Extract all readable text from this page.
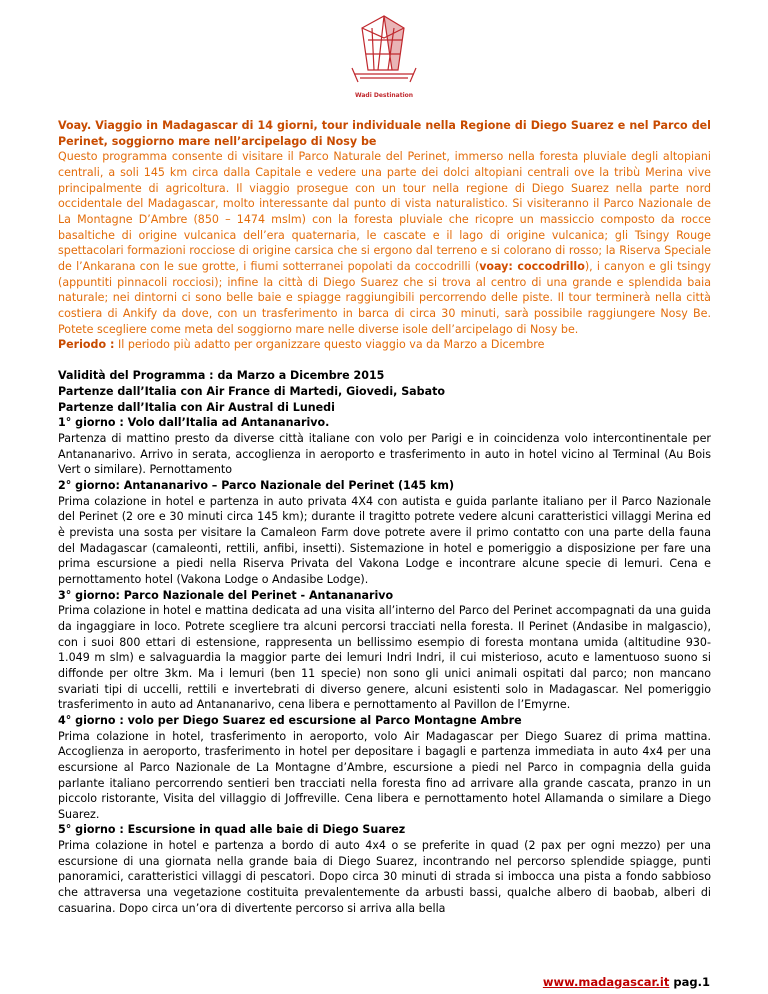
Wadi Destination

Voay. Viaggio in Madagascar di 14 giorni, tour individuale nella Regione di Diego Suarez e nel Parco del Perinet, soggiorno mare nell’arcipelago di Nosy be

Questo programma consente di visitare il Parco Naturale del Perinet, immerso nella foresta pluviale degli altopiani centrali, a soli 145 km circa dalla Capitale e vedere una parte dei dolci altopiani centrali ove la tribù Merina vive principalmente di agricoltura. Il viaggio prosegue con un tour nella regione di Diego Suarez nella parte nord occidentale del Madagascar, molto interessante dal punto di vista naturalistico. Si visiteranno il Parco Nazionale de La Montagne D’Ambre (850 – 1474 mslm) con la foresta pluviale che ricopre un massiccio composto da rocce basaltiche di origine vulcanica dell’era quaternaria, le cascate e il lago di origine vulcanica; gli Tsingy Rouge spettacolari formazioni rocciose di origine carsica che si ergono dal terreno e si colorano di rosso; la Riserva Speciale de l’Ankarana con le sue grotte, i fiumi sotterranei popolati da coccodrilli (voay: coccodrillo), i canyon e gli tsingy (appuntiti pinnacoli rocciosi); infine la città di Diego Suarez che si trova al centro di una grande e splendida baia naturale; nei dintorni ci sono belle baie e spiagge raggiungibili percorrendo delle piste. Il tour terminerà nella città costiera di Ankify da dove, con un trasferimento in barca di circa 30 minuti, sarà possibile raggiungere Nosy Be. Potete scegliere come meta del soggiorno mare nelle diverse isole dell’arcipelago di Nosy be.

Periodo : Il periodo più adatto per organizzare questo viaggio va da Marzo a Dicembre

Validità del Programma : da Marzo a Dicembre 2015

Partenze dall’Italia con Air France di Martedi, Giovedi, Sabato

Partenze dall’Italia con Air Austral di Lunedi

1° giorno : Volo dall’Italia ad Antananarivo.

Partenza di mattino presto da diverse città italiane con volo per Parigi e in coincidenza volo intercontinentale per Antananarivo. Arrivo in serata, accoglienza in aeroporto e trasferimento in auto in hotel vicino al Terminal (Au Bois Vert o similare). Pernottamento

2° giorno: Antananarivo – Parco Nazionale del Perinet (145 km)

Prima colazione in hotel e partenza in auto privata 4X4 con autista e guida parlante italiano per il Parco Nazionale del Perinet (2 ore e 30 minuti circa 145 km); durante il tragitto potrete vedere alcuni caratteristici villaggi Merina ed è prevista una sosta per visitare la Camaleon Farm dove potrete avere il primo contatto con una parte della fauna del Madagascar (camaleonti, rettili, anfibi, insetti). Sistemazione in hotel e pomeriggio a disposizione per fare una prima escursione a piedi nella Riserva Privata del Vakona Lodge e incontrare alcune specie di lemuri. Cena e pernottamento hotel (Vakona Lodge o Andasibe Lodge).

3° giorno: Parco Nazionale del Perinet - Antananarivo

Prima colazione in hotel e mattina dedicata ad una visita all’interno del Parco del Perinet accompagnati da una guida da ingaggiare in loco. Potrete scegliere tra alcuni percorsi tracciati nella foresta. Il Perinet (Andasibe in malgascio), con i suoi 800 ettari di estensione, rappresenta un bellissimo esempio di foresta montana umida (altitudine 930-1.049 m slm) e salvaguardia la maggior parte dei lemuri Indri Indri, il cui misterioso, acuto e lamentuoso suono si diffonde per oltre 3km. Ma i lemuri (ben 11 specie) non sono gli unici animali ospitati dal parco; non mancano svariati tipi di uccelli, rettili e invertebrati di diverso genere, alcuni esistenti solo in Madagascar. Nel pomeriggio trasferimento in auto ad Antananarivo, cena libera e pernottamento al Pavillon de l’Emyrne.

4° giorno : volo per Diego Suarez ed escursione al Parco Montagne Ambre

Prima colazione in hotel, trasferimento in aeroporto, volo Air Madagascar per Diego Suarez di prima mattina. Accoglienza in aeroporto, trasferimento in hotel per depositare i bagagli e partenza immediata in auto 4x4 per una escursione al Parco Nazionale de La Montagne d’Ambre, escursione a piedi nel Parco in compagnia della guida parlante italiano percorrendo sentieri ben tracciati nella foresta fino ad arrivare alla grande cascata, pranzo in un piccolo ristorante, Visita del villaggio di Joffreville. Cena libera e pernottamento hotel Allamanda o similare a Diego Suarez.

5° giorno : Escursione in quad alle baie di Diego Suarez

Prima colazione in hotel e partenza a bordo di auto 4x4 o se preferite in quad (2 pax per ogni mezzo) per una escursione di una giornata nella grande baia di Diego Suarez, incontrando nel percorso splendide spiagge, punti panoramici, caratteristici villaggi di pescatori. Dopo circa 30 minuti di strada si imbocca una pista a fondo sabbioso che attraversa una vegetazione costituita prevalentemente da arbusti bassi, qualche albero di baobab, alberi di casuarina. Dopo circa un’ora di divertente percorso si arriva alla bella

www.madagascar.it pag.1
